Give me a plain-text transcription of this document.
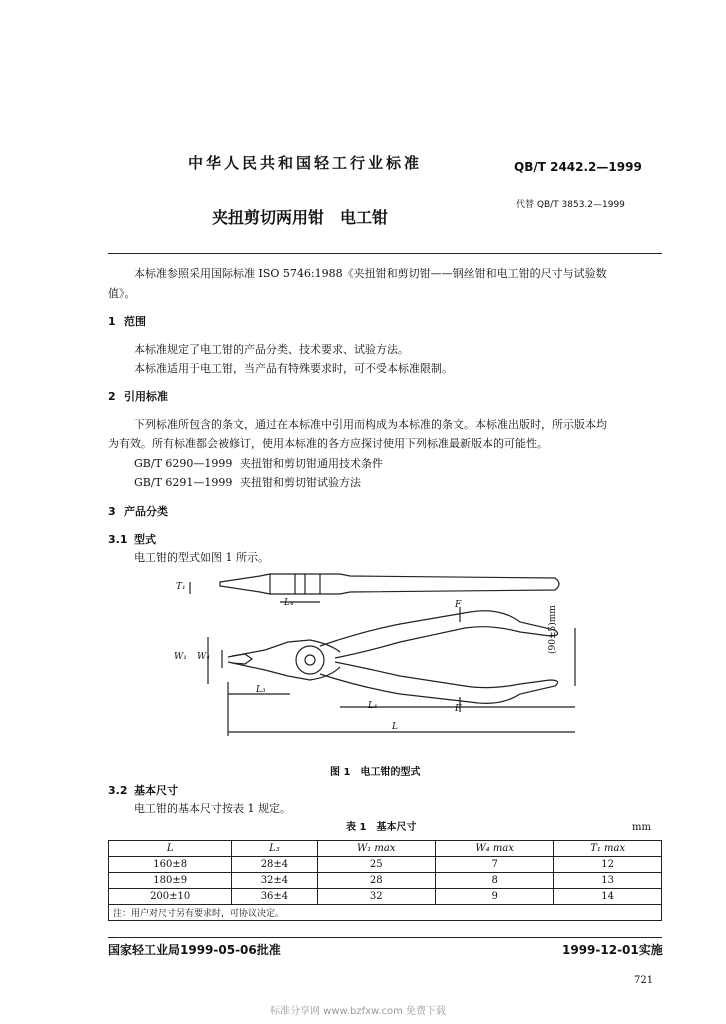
中华人民共和国轻工行业标准	QB/T 2442.2—1999
夹扭剪切两用钳　电工钳
代替 QB/T 3853.2—1999
本标准参照采用国际标准 ISO 5746:1988《夹扭钳和剪切钳——钢丝钳和电工钳的尺寸与试验数
值》。
1 范围
本标准规定了电工钳的产品分类、技术要求、试验方法。
本标准适用于电工钳，当产品有特殊要求时，可不受本标准限制。
2 引用标准
下列标准所包含的条文，通过在本标准中引用而构成为本标准的条文。本标准出版时，所示版本均
为有效。所有标准都会被修订，使用本标准的各方应探讨使用下列标准最新版本的可能性。
GB/T 6290—1999 夹扭钳和剪切钳通用技术条件
GB/T 6291—1999 夹扭钳和剪切钳试验方法
3 产品分类
3.1 型式
电工钳的型式如图 1 所示。
T₁
L₄	F
W₁ W₄
L₃
L₁	F
L
(90±5)mm
图 1　电工钳的型式
3.2 基本尺寸
电工钳的基本尺寸按表 1 规定。
表 1　基本尺寸	mm
L	L₃	W₁ max	W₄ max	T₁ max
160±8	28±4	25	7	12
180±9	32±4	28	8	13
200±10	36±4	32	9	14
注：用户对尺寸另有要求时，可协议决定。				
国家轻工业局1999-05-06批准	1999-12-01实施
721
标准分享网 www.bzfxw.com 免费下载
